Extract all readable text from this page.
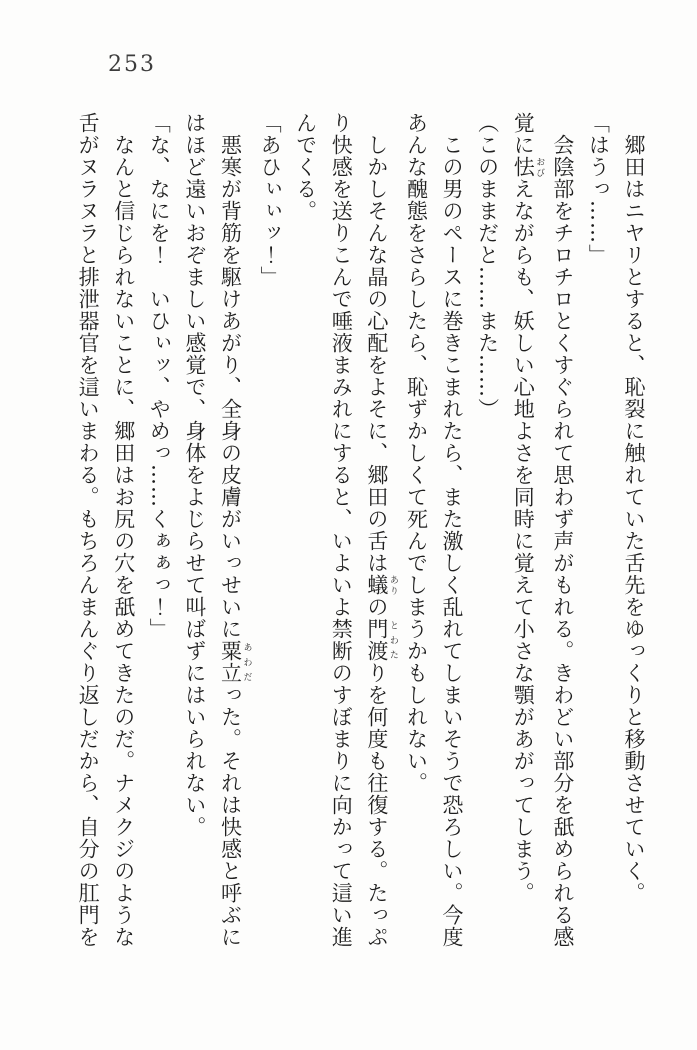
253
郷田はニヤリとすると、恥裂に触れていた舌先をゆっくりと移動させていく。
「はうっ……」
会陰部をチロチロとくすぐられて思わず声がもれる。きわどい部分を舐められる感
覚に怯 おびえながらも、妖しい心地よさを同時に覚えて小さな顎があがってしまう。
（このままだと……また……）
この男のペースに巻きこまれたら、また激しく乱れてしまいそうで恐ろしい。今度
あんな醜態をさらしたら、恥ずかしくて死んでしまうかもしれない。
しかしそんな晶の心配をよそに、郷田の舌は蟻 ありの門渡 とわたりを何度も往復する。たっぷ
り快感を送りこんで唾液まみれにすると、いよいよ禁断のすぼまりに向かって這い進
んでくる。
「あひぃぃッ！」
悪寒が背筋を駆けあがり、全身の皮膚がいっせいに粟立 あわだった。それは快感と呼ぶに
はほど遠いおぞましい感覚で、身体をよじらせて叫ばずにはいられない。
「な、なにを！　いひぃッ、やめっ……くぁぁっ！」
なんと信じられないことに、郷田はお尻の穴を舐めてきたのだ。ナメクジのような
舌がヌラヌラと排泄器官を這いまわる。もちろんまんぐり返しだから、自分の肛門を
